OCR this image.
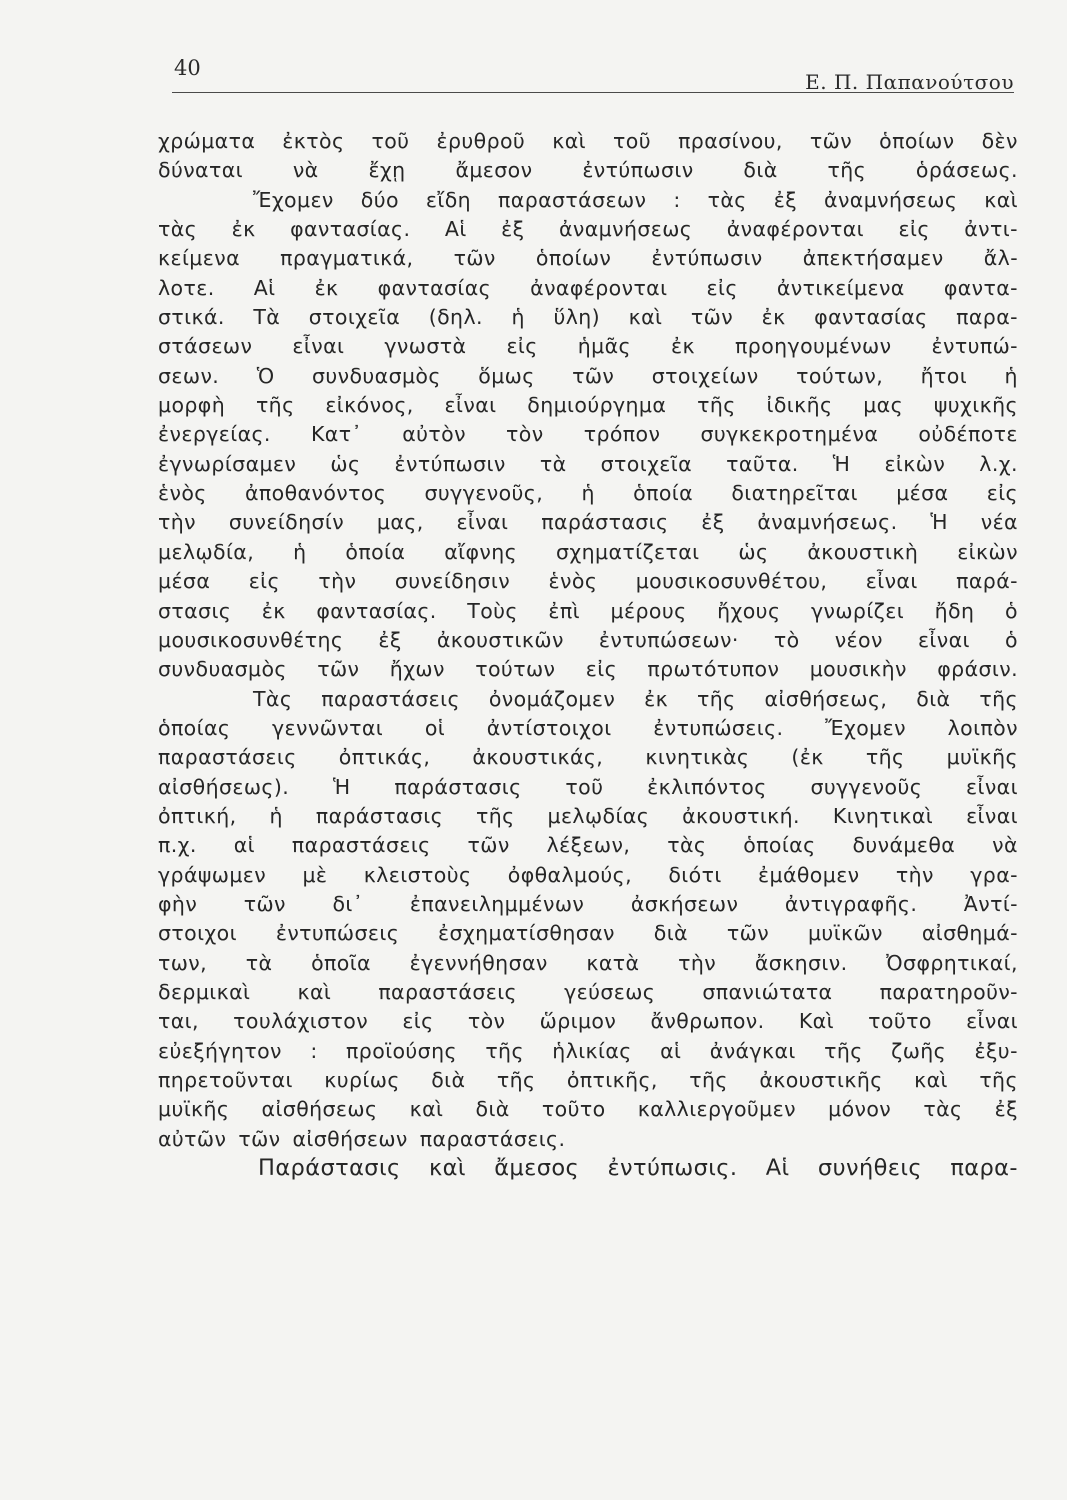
40
Ε. Π. Παπανούτσου
χρώματα ἐκτὸς τοῦ ἐρυθροῦ καὶ τοῦ πρασίνου, τῶν ὁποίων δὲν
δύναται νὰ ἔχῃ ἄμεσον ἐντύπωσιν διὰ τῆς ὁράσεως.
Ἔχομεν δύο εἴδη παραστάσεων : τὰς ἐξ ἀναμνήσεως καὶ
τὰς ἐκ φαντασίας. Αἱ ἐξ ἀναμνήσεως ἀναφέρονται εἰς ἀντι-
κείμενα πραγματικά, τῶν ὁποίων ἐντύπωσιν ἀπεκτήσαμεν ἄλ-
λοτε. Αἱ ἐκ φαντασίας ἀναφέρονται εἰς ἀντικείμενα φαντα-
στικά. Τὰ στοιχεῖα (δηλ. ἡ ὕλη) καὶ τῶν ἐκ φαντασίας παρα-
στάσεων εἶναι γνωστὰ εἰς ἡμᾶς ἐκ προηγουμένων ἐντυπώ-
σεων. Ὁ συνδυασμὸς ὅμως τῶν στοιχείων τούτων, ἤτοι ἡ
μορφὴ τῆς εἰκόνος, εἶναι δημιούργημα τῆς ἰδικῆς μας ψυχικῆς
ἐνεργείας. Κατ᾽ αὐτὸν τὸν τρόπον συγκεκροτημένα οὐδέποτε
ἐγνωρίσαμεν ὡς ἐντύπωσιν τὰ στοιχεῖα ταῦτα. Ἡ εἰκὼν λ.χ.
ἑνὸς ἀποθανόντος συγγενοῦς, ἡ ὁποία διατηρεῖται μέσα εἰς
τὴν συνείδησίν μας, εἶναι παράστασις ἐξ ἀναμνήσεως. Ἡ νέα
μελῳδία, ἡ ὁποία αἴφνης σχηματίζεται ὡς ἀκουστικὴ εἰκὼν
μέσα εἰς τὴν συνείδησιν ἑνὸς μουσικοσυνθέτου, εἶναι παρά-
στασις ἐκ φαντασίας. Τοὺς ἐπὶ μέρους ἤχους γνωρίζει ἤδη ὁ
μουσικοσυνθέτης ἐξ ἀκουστικῶν ἐντυπώσεων· τὸ νέον εἶναι ὁ
συνδυασμὸς τῶν ἤχων τούτων εἰς πρωτότυπον μουσικὴν φράσιν.
Τὰς παραστάσεις ὀνομάζομεν ἐκ τῆς αἰσθήσεως, διὰ τῆς
ὁποίας γεννῶνται οἱ ἀντίστοιχοι ἐντυπώσεις. Ἔχομεν λοιπὸν
παραστάσεις ὀπτικάς, ἀκουστικάς, κινητικὰς (ἐκ τῆς μυϊκῆς
αἰσθήσεως). Ἡ παράστασις τοῦ ἐκλιπόντος συγγενοῦς εἶναι
ὀπτική, ἡ παράστασις τῆς μελῳδίας ἀκουστική. Κινητικαὶ εἶναι
π.χ. αἱ παραστάσεις τῶν λέξεων, τὰς ὁποίας δυνάμεθα νὰ
γράψωμεν μὲ κλειστοὺς ὀφθαλμούς, διότι ἐμάθομεν τὴν γρα-
φὴν τῶν δι᾽ ἐπανειλημμένων ἀσκήσεων ἀντιγραφῆς. Ἀντί-
στοιχοι ἐντυπώσεις ἐσχηματίσθησαν διὰ τῶν μυϊκῶν αἰσθημά-
των, τὰ ὁποῖα ἐγεννήθησαν κατὰ τὴν ἄσκησιν. Ὀσφρητικαί,
δερμικαὶ καὶ παραστάσεις γεύσεως σπανιώτατα παρατηροῦν-
ται, τουλάχιστον εἰς τὸν ὥριμον ἄνθρωπον. Καὶ τοῦτο εἶναι
εὐεξήγητον : προϊούσης τῆς ἡλικίας αἱ ἀνάγκαι τῆς ζωῆς ἐξυ-
πηρετοῦνται κυρίως διὰ τῆς ὀπτικῆς, τῆς ἀκουστικῆς καὶ τῆς
μυϊκῆς αἰσθήσεως καὶ διὰ τοῦτο καλλιεργοῦμεν μόνον τὰς ἐξ
αὐτῶν τῶν αἰσθήσεων παραστάσεις.
Παράστασις καὶ ἄμεσος ἐντύπωσις. Αἱ συνήθεις παρα-
